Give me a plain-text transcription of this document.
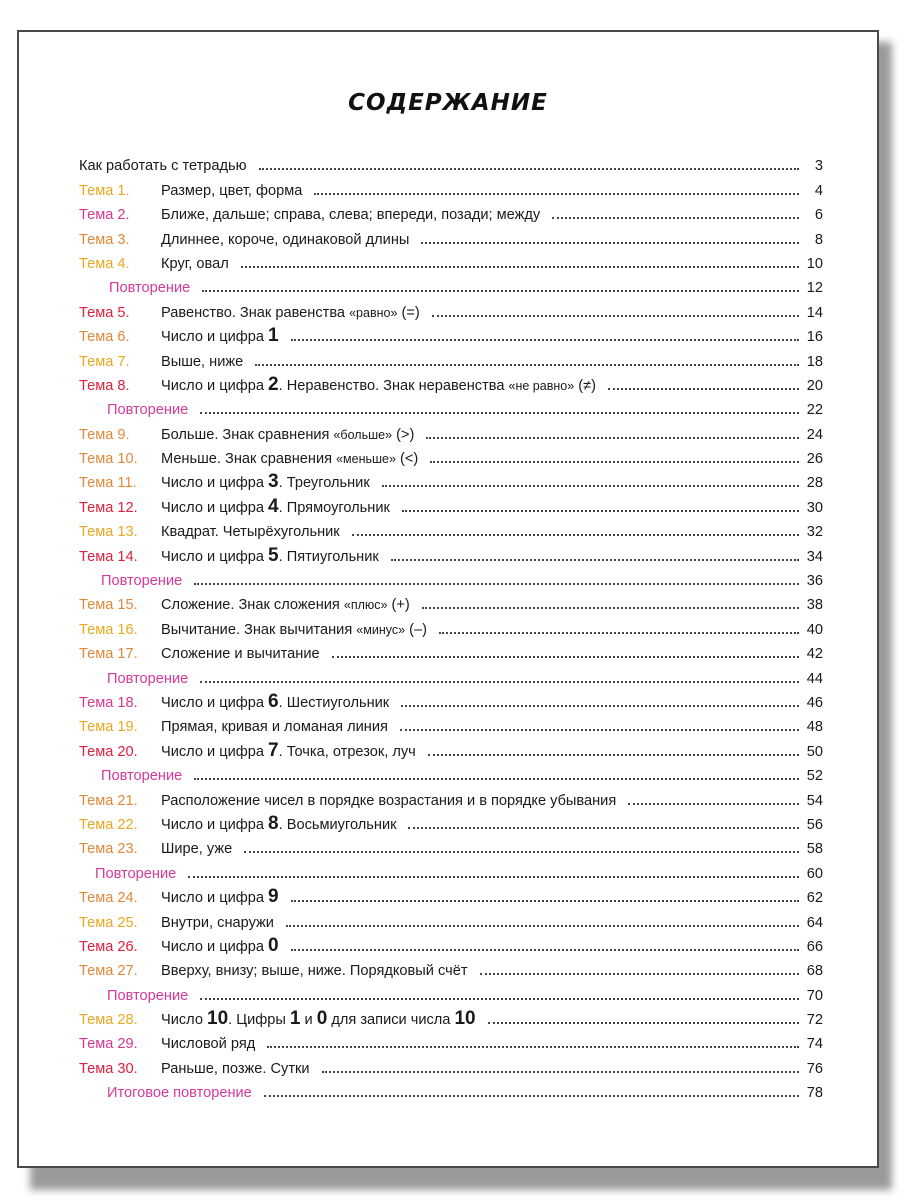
СОДЕРЖАНИЕ
Как работать с тетрадью	3
Тема 1.	Размер, цвет, форма	4
Тема 2.	Ближе, дальше; справа, слева; впереди, позади; между	6
Тема 3.	Длиннее, короче, одинаковой длины	8
Тема 4.	Круг, овал	10
Повторение	12
Тема 5.	Равенство. Знак равенства «равно» (=)	14
Тема 6.	Число и цифра 1	16
Тема 7.	Выше, ниже	18
Тема 8.	Число и цифра 2. Неравенство. Знак неравенства «не равно» (≠)	20
Повторение	22
Тема 9.	Больше. Знак сравнения «больше» (>)	24
Тема 10.	Меньше. Знак сравнения «меньше» (<)	26
Тема 11.	Число и цифра 3. Треугольник	28
Тема 12.	Число и цифра 4. Прямоугольник	30
Тема 13.	Квадрат. Четырёхугольник	32
Тема 14.	Число и цифра 5. Пятиугольник	34
Повторение	36
Тема 15.	Сложение. Знак сложения «плюс» (+)	38
Тема 16.	Вычитание. Знак вычитания «минус» (–)	40
Тема 17.	Сложение и вычитание	42
Повторение	44
Тема 18.	Число и цифра 6. Шестиугольник	46
Тема 19.	Прямая, кривая и ломаная линия	48
Тема 20.	Число и цифра 7. Точка, отрезок, луч	50
Повторение	52
Тема 21.	Расположение чисел в порядке возрастания и в порядке убывания	54
Тема 22.	Число и цифра 8. Восьмиугольник	56
Тема 23.	Шире, уже	58
Повторение	60
Тема 24.	Число и цифра 9	62
Тема 25.	Внутри, снаружи	64
Тема 26.	Число и цифра 0	66
Тема 27.	Вверху, внизу; выше, ниже. Порядковый счёт	68
Повторение	70
Тема 28.	Число 10. Цифры 1 и 0 для записи числа 10	72
Тема 29.	Числовой ряд	74
Тема 30.	Раньше, позже. Сутки	76
Итоговое повторение	78
